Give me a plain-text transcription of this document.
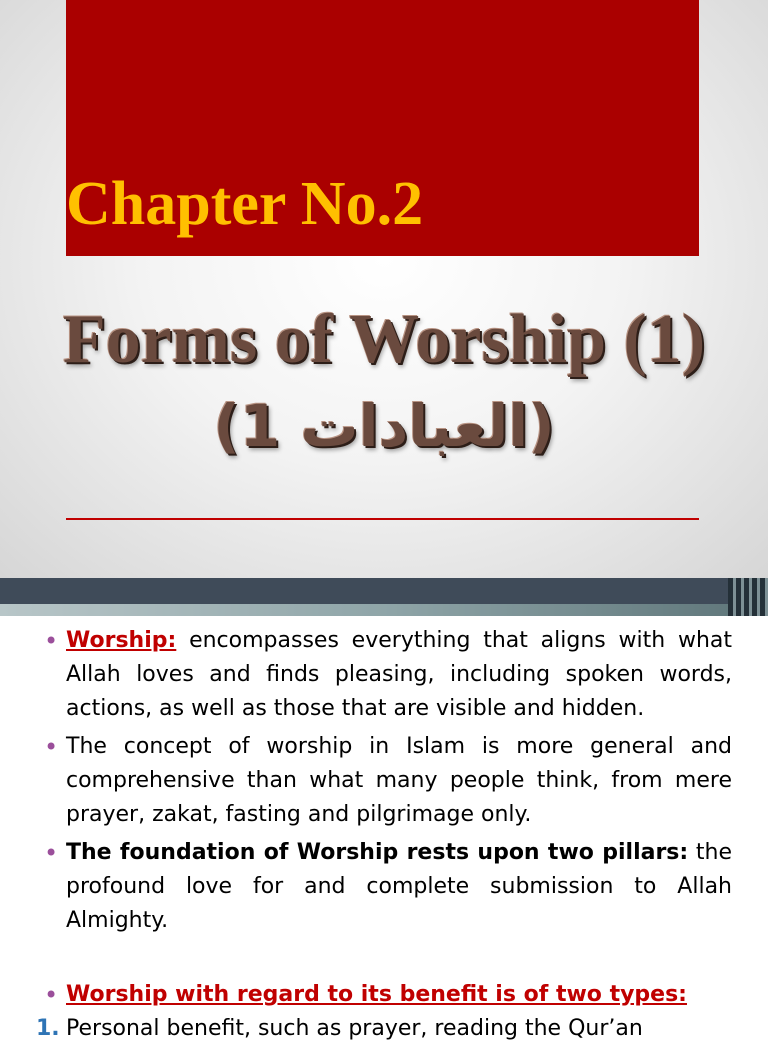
Chapter No.2
Forms of Worship (1)
(العبادات 1)
• Worship: encompasses everything that aligns with what Allah loves and finds pleasing, including spoken words, actions, as well as those that are visible and hidden.
• The concept of worship in Islam is more general and comprehensive than what many people think, from mere prayer, zakat, fasting and pilgrimage only.
• The foundation of Worship rests upon two pillars: the profound love for and complete submission to Allah Almighty.
• Worship with regard to its benefit is of two types:
1. Personal benefit, such as prayer, reading the Qur’an
